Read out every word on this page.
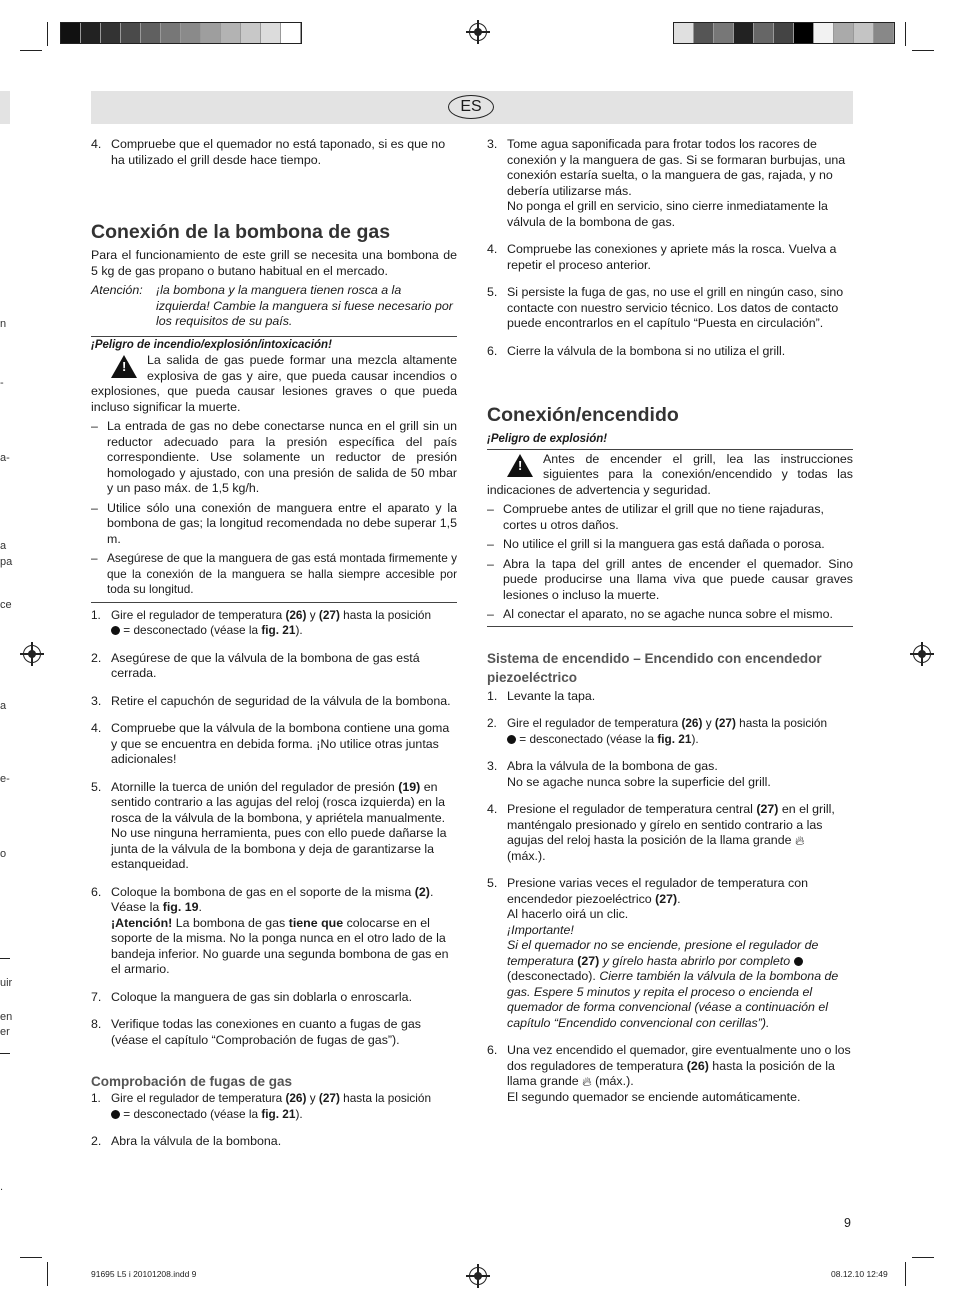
n
-
a-
a
pa
ce
a
e-
o
uir
en
er
.
ES
4. Compruebe que el quemador no está taponado, si es que no ha utilizado el grill desde hace tiempo.
Conexión de la bombona de gas

Para el funcionamiento de este grill se necesita una bombona de 5 kg de gas propano o butano habitual en el mercado.

Atención: ¡la bombona y la manguera tienen rosca a la izquierda! Cambie la manguera si fuese necesario por los requisitos de su país.
¡Peligro de incendio/explosión/intoxicación!
! La salida de gas puede formar una mezcla altamente explosiva de gas y aire, que pueda causar incendios o explosiones, que pueda causar lesiones graves o que pueda incluso significar la muerte.
– La entrada de gas no debe conectarse nunca en el grill sin un reductor adecuado para la presión específica del país correspondiente. Use solamente un reductor de presión homologado y ajustado, con una presión de salida de 50 mbar y un paso máx. de 1,5 kg/h.
– Utilice sólo una conexión de manguera entre el aparato y la bombona de gas; la longitud recomendada no debe superar 1,5 m.
– Asegúrese de que la manguera de gas está montada firmemente y que la conexión de la manguera se halla siempre accesible por toda su longitud.
1. Gire el regulador de temperatura (26) y (27) hasta la posición
= desconectado (véase la fig. 21).
2. Asegúrese de que la válvula de la bombona de gas está cerrada.
3. Retire el capuchón de seguridad de la válvula de la bombona.
4. Compruebe que la válvula de la bombona contiene una goma y que se encuentra en debida forma. ¡No utilice otras juntas adicionales!
5. Atornille la tuerca de unión del regulador de presión (19) en sentido contrario a las agujas del reloj (rosca izquierda) en la rosca de la válvula de la bombona, y apriétela manualmente. No use ninguna herramienta, pues con ello puede dañarse la junta de la válvula de la bombona y deja de garantizarse la estanqueidad.
6. Coloque la bombona de gas en el soporte de la misma (2). Véase la fig. 19.
¡Atención! La bombona de gas tiene que colocarse en el soporte de la misma. No la ponga nunca en el otro lado de la bandeja inferior. No guarde una segunda bombona de gas en el armario.
7. Coloque la manguera de gas sin doblarla o enroscarla.
8. Verifique todas las conexiones en cuanto a fugas de gas (véase el capítulo “Comprobación de fugas de gas”).
Comprobación de fugas de gas
1. Gire el regulador de temperatura (26) y (27) hasta la posición
= desconectado (véase la fig. 21).
2. Abra la válvula de la bombona.
3. Tome agua saponificada para frotar todos los racores de conexión y la manguera de gas. Si se formaran burbujas, una conexión estaría suelta, o la manguera de gas, rajada, y no debería utilizarse más.
No ponga el grill en servicio, sino cierre inmediatamente la válvula de la bombona de gas.
4. Compruebe las conexiones y apriete más la rosca. Vuelva a repetir el proceso anterior.
5. Si persiste la fuga de gas, no use el grill en ningún caso, sino contacte con nuestro servicio técnico. Los datos de contacto puede encontrarlos en el capítulo “Puesta en circulación”.
6. Cierre la válvula de la bombona si no utiliza el grill.
Conexión/encendido
¡Peligro de explosión!
! Antes de encender el grill, lea las instrucciones siguientes para la conexión/encendido y todas las indicaciones de advertencia y seguridad.
– Compruebe antes de utilizar el grill que no tiene rajaduras, cortes u otros daños.
– No utilice el grill si la manguera gas está dañada o porosa.
– Abra la tapa del grill antes de encender el quemador. Sino puede producirse una llama viva que puede causar graves lesiones o incluso la muerte.
– Al conectar el aparato, no se agache nunca sobre el mismo.
Sistema de encendido – Encendido con encendedor piezoeléctrico
1. Levante la tapa.
2. Gire el regulador de temperatura (26) y (27) hasta la posición
= desconectado (véase la fig. 21).
3. Abra la válvula de la bombona de gas.
No se agache nunca sobre la superficie del grill.
4. Presione el regulador de temperatura central (27) en el grill, manténgalo presionado y gírelo en sentido contrario a las agujas del reloj hasta la posición de la llama grande 🔥︎
(máx.).
5. Presione varias veces el regulador de temperatura con encendedor piezoeléctrico (27).
Al hacerlo oirá un clic.
¡Importante!
Si el quemador no se enciende, presione el regulador de temperatura (27) y gírelo hasta abrirlo por completo  (desconectado). Cierre también la válvula de la bombona de gas. Espere 5 minutos y repita el proceso o encienda el quemador de forma convencional (véase a continuación el capítulo “Encendido convencional con cerillas”).
6. Una vez encendido el quemador, gire eventualmente uno o los dos reguladores de temperatura (26) hasta la posición de la llama grande 🔥︎ (máx.).
El segundo quemador se enciende automáticamente.
9
91695 L5 i 20101208.indd 9	08.12.10 12:49
